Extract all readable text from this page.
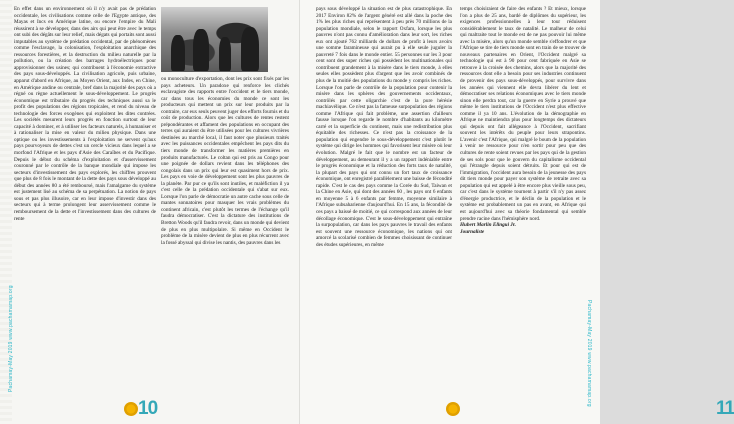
Pachamay-May 2019 www.pachamamap.org

En effet dans un environnement où il n'y avait pas de prédation occidentale, les civilisations comme celle de l'Egypte antique, des Mayas et Incs en Amérique latine, ou encore l'empire du Mali réussirent à se développer, dans des airs qui peut être avec le temps ont subi des dégâts sur leur relief, mais dégats qui portaits sont aussi imputables au système de prédation occidental, par de phénomènes comme l'esclavage, la colonisation, l'exploitation anarchique des ressources forestières, et la destruction du milieu naturelle par la pollution, ou la création des barrages hydroélectriques pour approvisionner des usines; qui contribuent à l'économie extractive des pays sous-développés. La civilisation agricole, puis urbaine, apparut d'abord en Afrique, au Moyen Orient, aux Indes, en Chine, en Amérique andine ou centrale, bref dans la majorité des pays où a régné ou règne actuellement le sous-développement. Le progrès économique est tributaire du progrès des techniques aussi sa le profit des populations des régions tropicales, et rend du niveau de technologie des forces exogènes qui exploitent les dites contrées. Les sociétés mesurent leurs progrès en fonction surtout de leur capacité à dominer, et à utiliser les facteurs naturels, à humaniser et à rationaliser la mise en valeur du milieu physique. Dans une optique ou les investissements à l'exploitation ne servent qu'aux pays pourvoyeurs de dettes c'est un cercle vicieux dans lequel a se morfond l'Afrique et les pays d'Asie des Caraïbes et du Pacifique. Depuis le début du schéma d'exploitation et d'asservissement couronné par le contrôle de la banque mondiale qui impose les secteurs d'investissement des pays explorés, les chiffres prouvent que plus de 8 fois le montant de la dette des pays sous développé au début des années 80 a été remboursé, mais l'amalgame du système est justement lisé au schéma de sa perpétuation. La notion de pays sous et pas plus illusoire, car en leur impose d'investir dans des secteurs qui à terme prolongent leur asservissement comme le remboursement de la dette et l'investissement dans des cultures de rente

ou monoculture d'exportation, dont les prix sont fixés par les pays acheteurs. Un paradoxe qui renforce les clichés esclavagiste des rapports entre l'occident et le tiers monde, car dans tous les économies du monde ce sont les producteurs qui mettent un prix sur leur produits par la contraire, car eux seuls peuvent juger des efforts fournis et du coût de production. Alors que les cultures de rentes restent prépondérantes et affament des populations en occupant des terres qui auraient du être utilisées pour les cultures vivrières destinées au marché local, il faut noter que plusieurs traités avec les puissances occidentales empêchent les pays dits du tiers monde de transformer les matières premières en produits manufacturés. Le coltan qui est pris au Congo pour une poignée de dollars revient dans les téléphones des congolais dans un prix qui leur est quasiment hors de prix. Les pays en voie de développement sont les plus pauvres de la planète. Par pur ce qu'ils sont inutiles, et maléfiction il ya c'est celle de la prédation occidentale qui s'abat sur eux. Lorsque l'on parle de démocratie un autre cache sous celle de mantes sonnatoires pour masquer les vrais problèmes du continent africain, c'est plutôt les termes de l'échange qu'il faudra démocratiser. C'est la dictature des institutions de Bretton Woods qu'il faudra revoir, dans un monde qui devient de plus en plus multipolaire. Si même en Occident le problème de la misère devient de plus en plus récurrent avec la fossé abyssal qui divise les nantis, des pauvres dans les

10

pays sous développé la situation est de plus catastrophique. En 2017 Environ 82% de l'argent généré est allé dans la poche des 1% les plus riches qui représentent à peu près 70 millions de la population mondiale, selon le rapport Oxfam, lorsque les plus pauvres n'ont pas connu d'amélioration dans leur sort, les riches eux ont ajouté 762 milliards de dollars de profit à leurs avoirs une somme faramineuse qui aurait pu à elle seule juguler la pauvreté 7 fois dans le monde entier. 55 personnes sur les 3 pour cent sont des super riches qui possèdent les multinationales qui contribuent grandement à la misère dans le tiers monde, à elles seules elles possèdent plus d'argent que les avoir combinés de plus de la moitié des populations du monde y compris les riches. Lorsque l'on parle de contrôle de la population pour contenir la misère dans les sphères des gouvernements occidentaux, contrôlés par cette oligarchie c'est de la pure hérésie machiavélique. Ce n'est pas la fameuse surpopulation des régions comme l'Afrique qui fait problème, une assertion d'ailleurs fausse lorsque l'on regarde le nombre d'habitants au kilomètre carré et la superficie du continent, mais une redistribution plus équitable des richesses. Ce n'est pas la croissance de la population qui engendre le sous-développement c'est plutôt le système qui dirige les hommes qui favorisent leur misère où leur évolution. Malgré le fait que le nombre est un facteur de développement, au demeurant il y a un rapport indéniable entre le progrès économique et la réduction des forts taux de natalité, la plupart des pays qui ont connu un fort taux de croissance économique, ont enregistré parallèlement une baisse de fécondité rapide. C'est le cas des pays comme la Corée du Sud, Taiwan et la Chine en Asie, qui dont des années 60 , les pays ont 6 enfants en moyenne 5 à 6 enfants par femme, moyenne similaire à l'Afrique subsaharienne d'aujourd'hui. En 15 ans, la fécondité de ces pays a baissé de moitié, ce qui correspond aux années de leur décollage économique. C'est le sous-développement qui entraîne la surpopulation, car dans les pays pauvres le travail des enfants est souvent une ressource économique, les nations qui ont amorcé la scolarisé combien de femmes choisissant de continuer des études supérieures, en même

temps choisiraient de faire des enfants ? Et mieux, lorsque l'on a plus de 25 ans, bardé de diplômes du supérieur, les exigences professionnelles à leur tour réduisent considérablement le taux de natalité. Le malheur de celui qui maltraite tout le monde est de ne pas pouvoir lui même avec la misère, alors qu'un monde semble s'effondrer et que l'Afrique se tire de tiers monde sont en train de se trouver de nouveaux partenaires en Orient, l'Occident malgré sa technologie qui est à 90 pour cent fabriquée en Asie se retrouve à la croisée des chemins, alors que la majorité des ressources dont elle a besoin pour ses industries continuent de provenir des pays sous-développés, pour survivre dans les années qui viennent elle devra libérer du lent et démocratiser ses relations économiques avec le tiers monde sinon elle perdra tout, car la guerre en Syrie a prouvé que même le tiers institutions de l'Occident n'est plus effective comme il ya 10 ans. L'évolution de la démographie en Afrique ne maintiendra plus pour longtemps des dictateurs qui depuis ont fait allégeance à l'Occident, sacrifiant souvent les intérêts du peuple pour leurs strapontins. L'avenir c'est l'Afrique, qui malgré le boum de la population à venir ne ressource pour n'en sortir pour peu que des cultures de rente soient revues par les pays qui de la gestion de ses sols pour que le gouvern du capitalisme occidental qui l'étrangle depuis soient détruits. Et pour qui est de l'immigration, l'occident aura besoin de la jeunesse des pays dit tiers monde pour payer son système de retraite avec sa population qui est appelé à être encore plus vieille sous peu, car c'est dans le système tournent à partir s'il n'y pas assez d'énergie productrice, et le déclin de la population et le système est probablement un pas en avant, en Afrique qui est aujourd'hui avec sa théorie fondamental qui semble prendre racine dans l'hémisphère nord.

Hubert Marlin Elingui Jr.

Journaliste

11
Pachamay-May 2019 www.pachamamap.org
